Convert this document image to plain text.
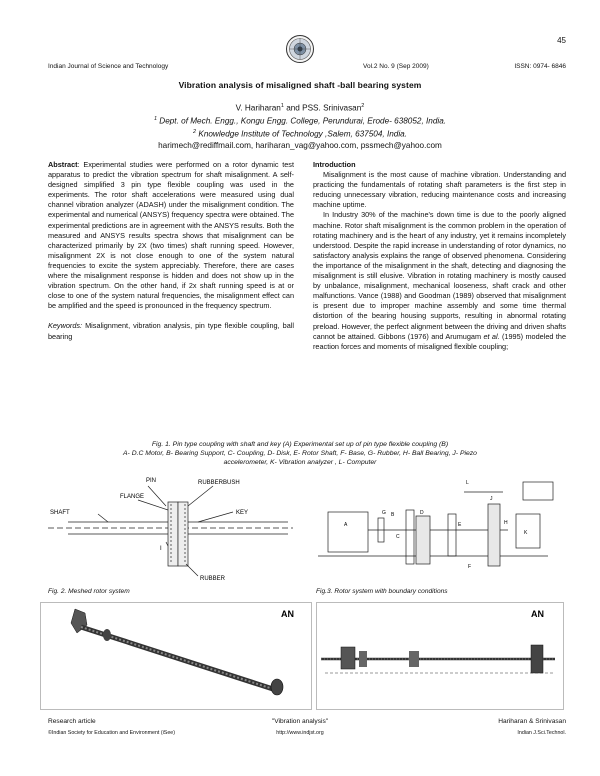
45
Indian Journal of Science and Technology	Vol.2 No. 9 (Sep 2009)	ISSN: 0974- 6846
Vibration analysis of misaligned shaft -ball bearing system
V. Hariharan$^1$ and PSS. Srinivasan$^2$
$^1$ Dept. of Mech. Engg., Kongu Engg. College, Perundurai, Erode- 638052, India.
$^2$ Knowledge Institute of Technology ,Salem, 637504, India.
harimech@rediffmail.com, hariharan_vag@yahoo.com, pssmech@yahoo.com

Abstract: Experimental studies were performed on a rotor dynamic test apparatus to predict the vibration spectrum for shaft misalignment. A self-designed simplified 3 pin type flexible coupling was used in the experiments. The rotor shaft accelerations were measured using dual channel vibration analyzer (ADASH) under the misalignment condition. The experimental and numerical (ANSYS) frequency spectra were obtained. The experimental predictions are in agreement with the ANSYS results. Both the measured and ANSYS results spectra shows that misalignment can be characterized primarily by 2X (two times) shaft running speed. However, misalignment 2X is not close enough to one of the system natural frequencies to excite the system appreciably. Therefore, there are cases where the misalignment response is hidden and does not show up in the vibration spectrum. On the other hand, if 2x shaft running speed is at or close to one of the system natural frequencies, the misalignment effect can be amplified and the speed is pronounced in the frequency spectrum.

Keywords: Misalignment, vibration analysis, pin type flexible coupling, ball bearing

Introduction

Misalignment is the most cause of machine vibration. Understanding and practicing the fundamentals of rotating shaft parameters is the first step in reducing unnecessary vibration, reducing maintenance costs and increasing machine uptime.

In Industry 30% of the machine's down time is due to the poorly aligned machine. Rotor shaft misalignment is the common problem in the operation of rotating machinery and is the heart of any industry, yet it remains incompletely understood. Despite the rapid increase in understanding of rotor dynamics, no satisfactory analysis explains the range of observed phenomena. Considering the importance of the misalignment in the shaft, detecting and diagnosing the misalignment is still elusive. Vibration in rotating machinery is mostly caused by unbalance, misalignment, mechanical looseness, shaft crack and other malfunctions. Vance (1988) and Goodman (1989) observed that misalignment is present due to improper machine assembly and some time thermal distortion of the bearing housing supports, resulting in abnormal rotating preload. However, the perfect alignment between the driving and driven shafts cannot be attained. Gibbons (1976) and Arumugam et al. (1995) modeled the reaction forces and moments of misaligned flexible coupling;

Fig. 1. Pin type coupling with shaft and key (A) Experimental set up of pin type flexible coupling (B)
A- D.C Motor, B- Bearing Support, C- Coupling, D- Disk, E- Rotor Shaft, F- Base, G- Rubber, H- Ball Bearing, J- Piezo
accelerometer, K- Vibration analyzer , L- Computer
PIN
FLANGE
RUBBERBUSH
SHAFT	KEY
I
RUBBER
A
B
C
D
E
F
G
H
J
K
L
Fig. 2. Meshed rotor system	Fig.3. Rotor system with boundary conditions
AN	AN
Research article
©Indian Society for Education and Environment (iSee)
"Vibration analysis"
http://www.indjst.org
Hariharan & Srinivasan
Indian J.Sci.Technol.
